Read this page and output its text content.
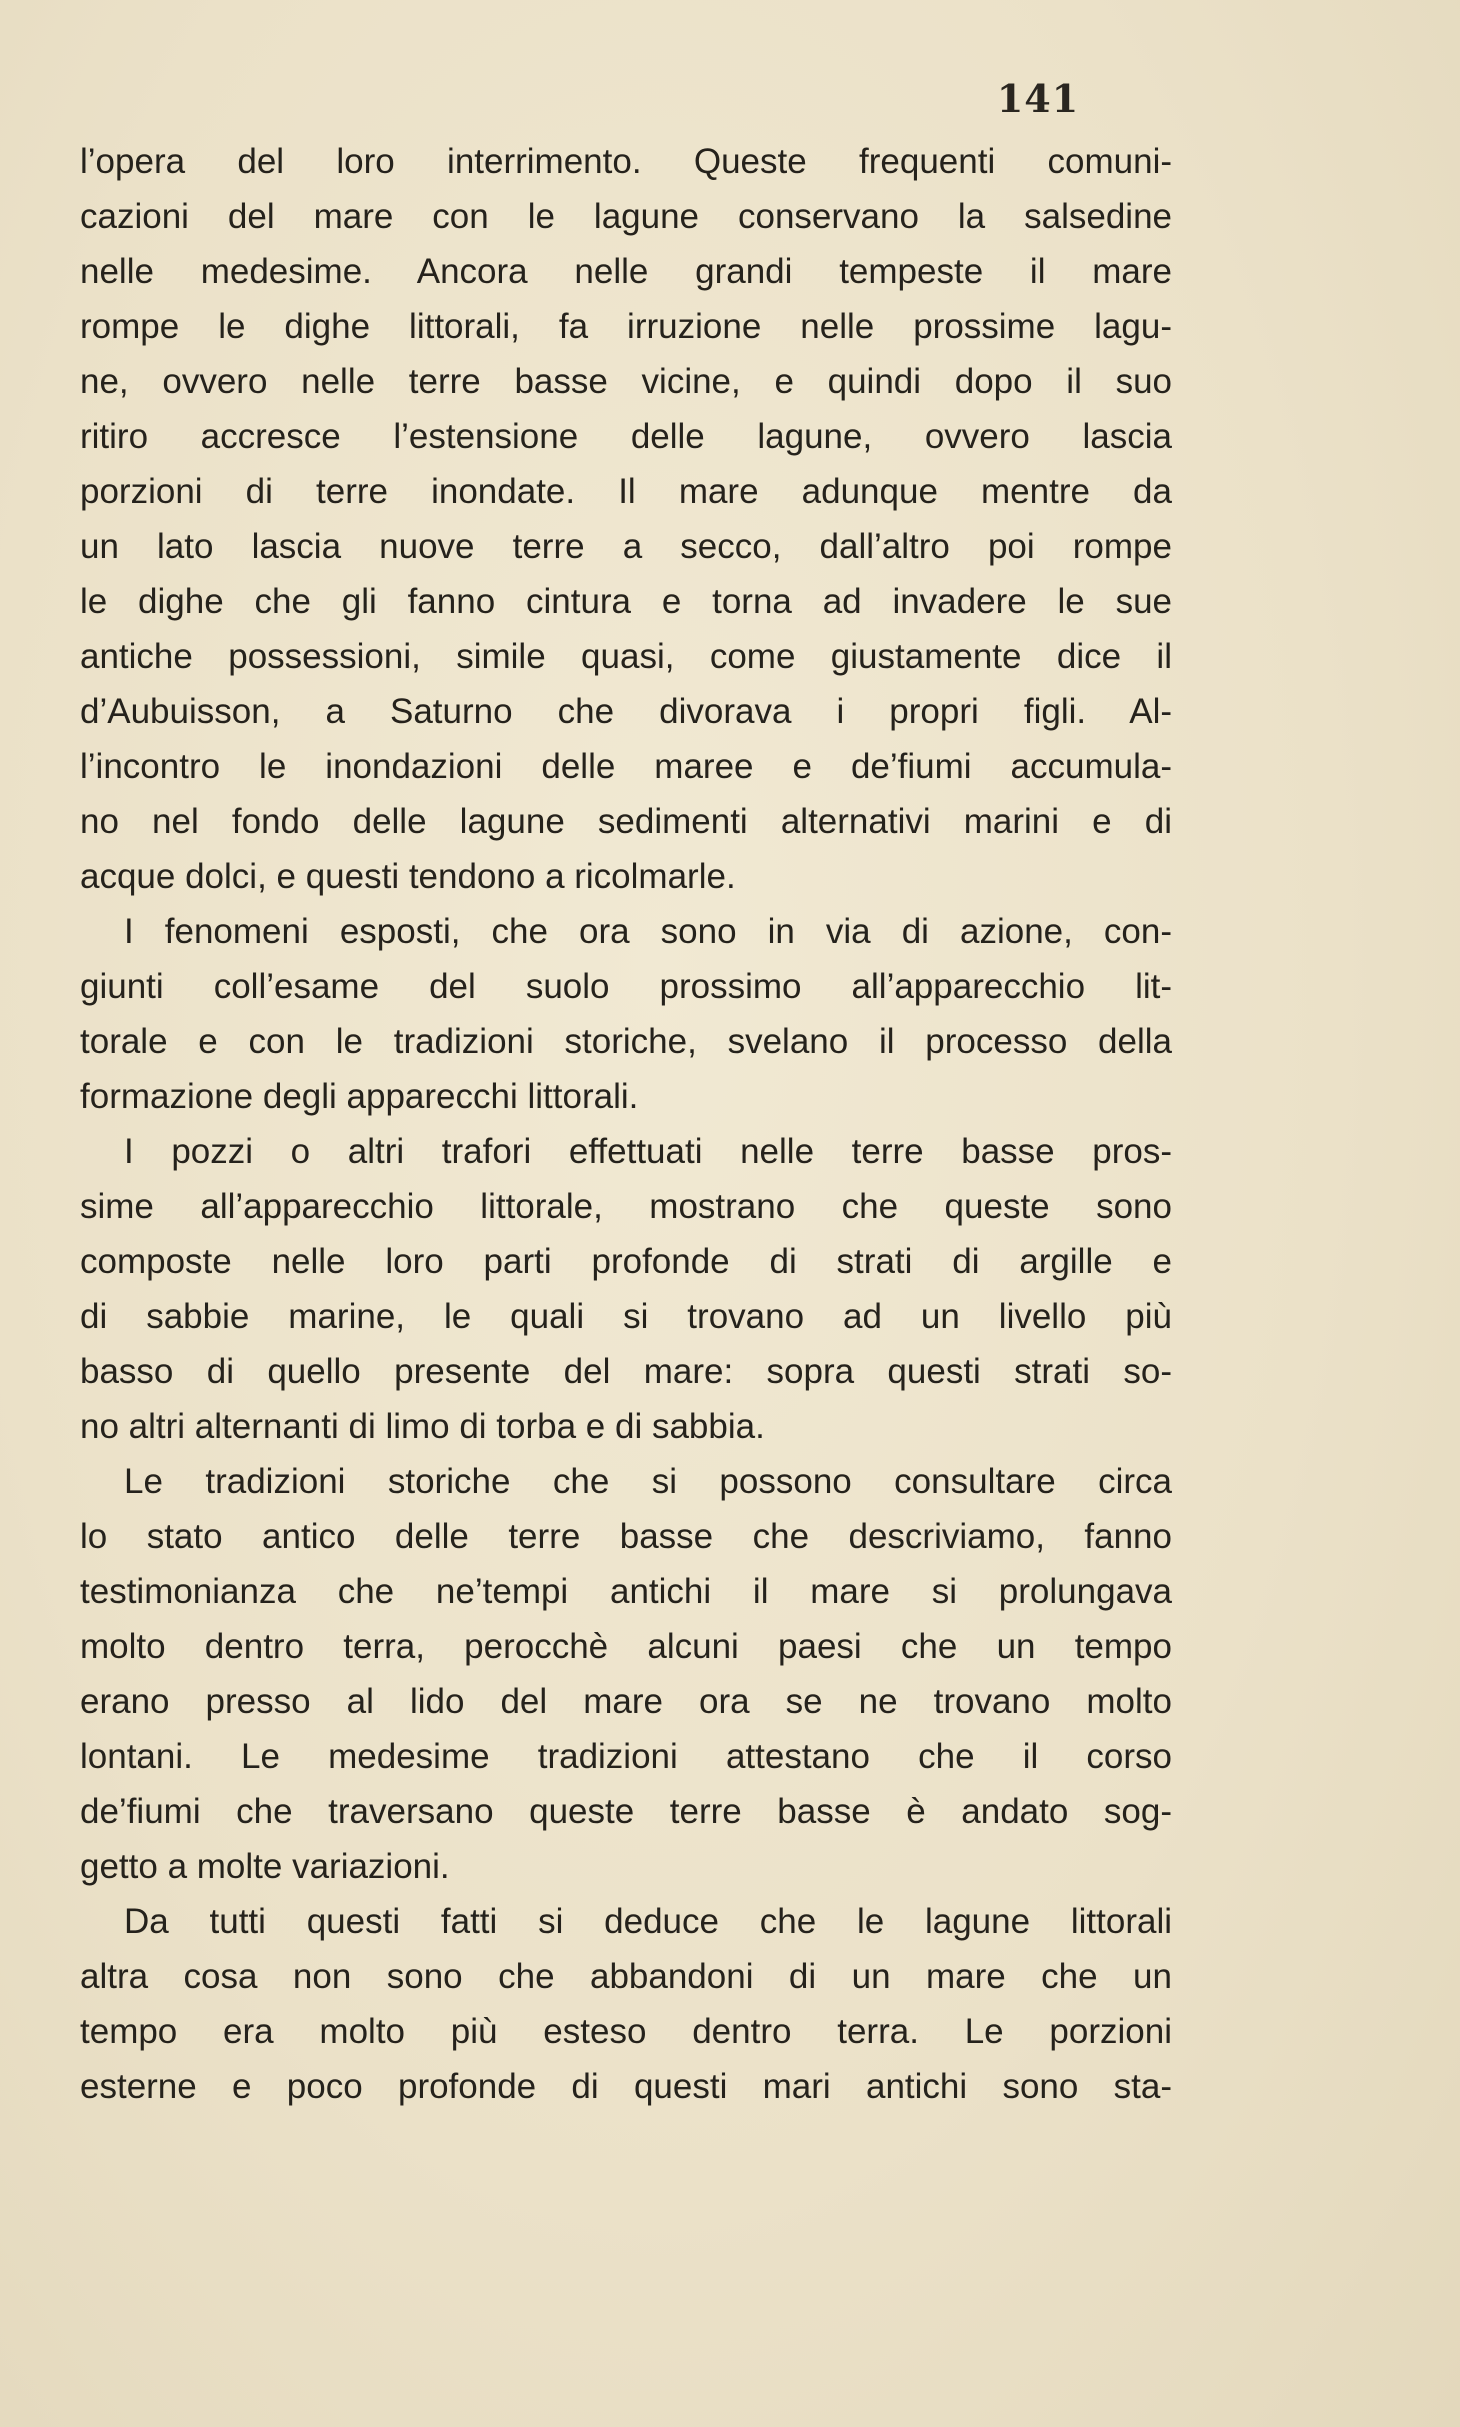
141
l’opera del loro interrimento. Queste frequenti comuni-
cazioni del mare con le lagune conservano la salsedine
nelle medesime. Ancora nelle grandi tempeste il mare
rompe le dighe littorali, fa irruzione nelle prossime lagu-
ne, ovvero nelle terre basse vicine, e quindi dopo il suo
ritiro accresce l’estensione delle lagune, ovvero lascia
porzioni di terre inondate. Il mare adunque mentre da
un lato lascia nuove terre a secco, dall’altro poi rompe
le dighe che gli fanno cintura e torna ad invadere le sue
antiche possessioni, simile quasi, come giustamente dice il
d’Aubuisson, a Saturno che divorava i propri figli. Al-
l’incontro le inondazioni delle maree e de’fiumi accumula-
no nel fondo delle lagune sedimenti alternativi marini e di
acque dolci, e questi tendono a ricolmarle.
I fenomeni esposti, che ora sono in via di azione, con-
giunti coll’esame del suolo prossimo all’apparecchio lit-
torale e con le tradizioni storiche, svelano il processo della
formazione degli apparecchi littorali.
I pozzi o altri trafori effettuati nelle terre basse pros-
sime all’apparecchio littorale, mostrano che queste sono
composte nelle loro parti profonde di strati di argille e
di sabbie marine, le quali si trovano ad un livello più
basso di quello presente del mare: sopra questi strati so-
no altri alternanti di limo di torba e di sabbia.
Le tradizioni storiche che si possono consultare circa
lo stato antico delle terre basse che descriviamo, fanno
testimonianza che ne’tempi antichi il mare si prolungava
molto dentro terra, perocchè alcuni paesi che un tempo
erano presso al lido del mare ora se ne trovano molto
lontani. Le medesime tradizioni attestano che il corso
de’fiumi che traversano queste terre basse è andato sog-
getto a molte variazioni.
Da tutti questi fatti si deduce che le lagune littorali
altra cosa non sono che abbandoni di un mare che un
tempo era molto più esteso dentro terra. Le porzioni
esterne e poco profonde di questi mari antichi sono sta-
